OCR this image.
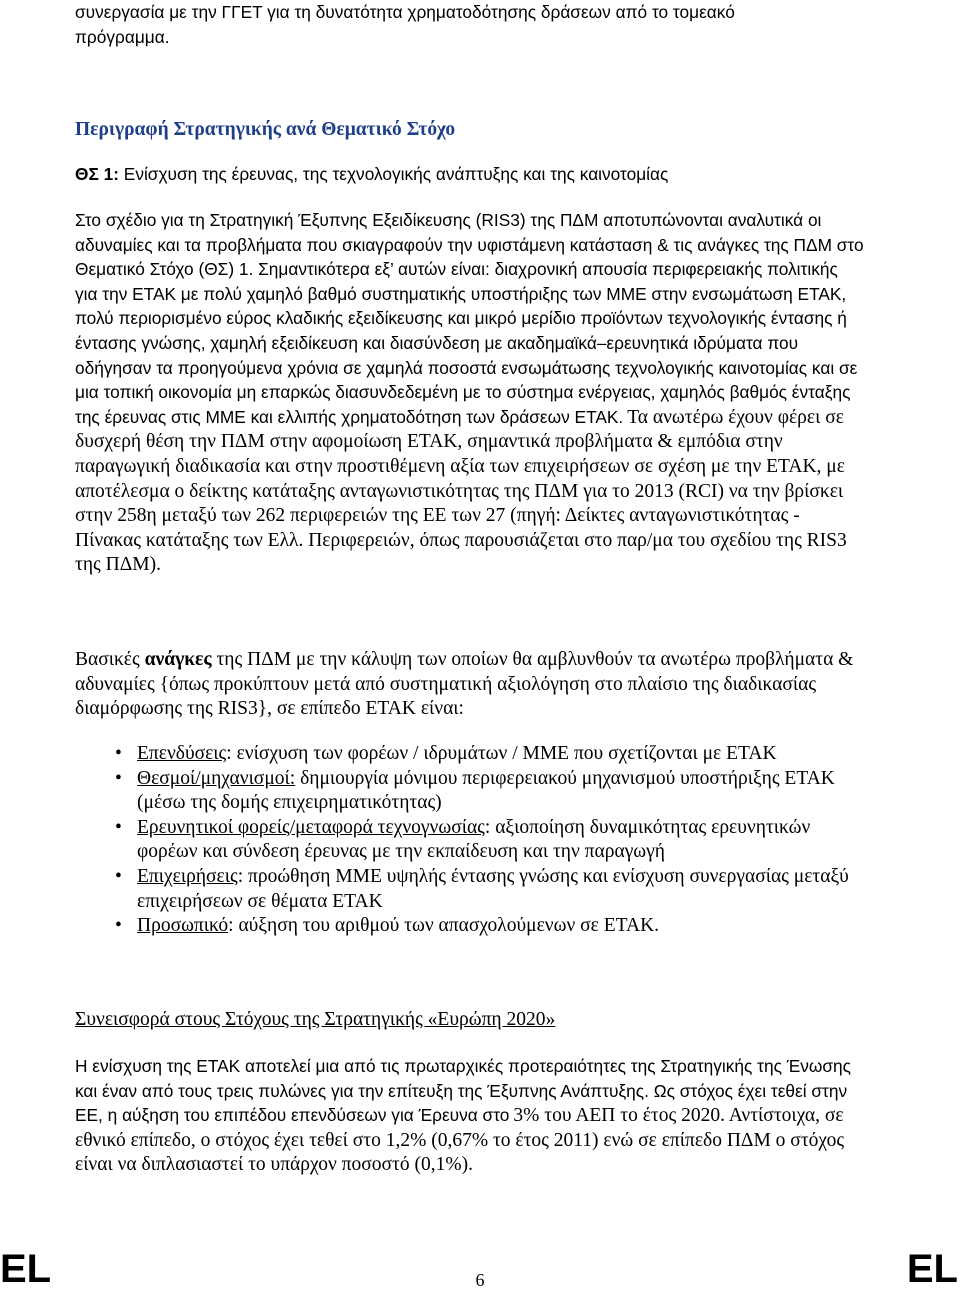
συνεργασία με την ΓΓΕΤ για τη δυνατότητα χρηματοδότησης δράσεων από το τομεακό

πρόγραμμα.

Περιγραφή Στρατηγικής ανά Θεματικό Στόχο
ΘΣ 1: Ενίσχυση της έρευνας, της τεχνολογικής ανάπτυξης και της καινοτομίας
Στο σχέδιο για τη Στρατηγική Έξυπνης Εξειδίκευσης (RIS3) της ΠΔΜ αποτυπώνονται αναλυτικά οι αδυναμίες και τα προβλήματα που σκιαγραφούν την υφιστάμενη κατάσταση & τις ανάγκες της ΠΔΜ στο Θεματικό Στόχο (ΘΣ) 1. Σημαντικότερα εξ’ αυτών είναι: διαχρονική απουσία περιφερειακής πολιτικής για την ΕΤΑΚ με πολύ χαμηλό βαθμό συστηματικής υποστήριξης των ΜΜΕ στην ενσωμάτωση ΕΤΑΚ, πολύ περιορισμένο εύρος κλαδικής εξειδίκευσης και μικρό μερίδιο προϊόντων τεχνολογικής έντασης ή έντασης γνώσης, χαμηλή εξειδίκευση και διασύνδεση με ακαδημαϊκά–ερευνητικά ιδρύματα που οδήγησαν τα προηγούμενα χρόνια σε χαμηλά ποσοστά ενσωμάτωσης τεχνολογικής καινοτομίας και σε μια τοπική οικονομία μη επαρκώς διασυνδεδεμένη με το σύστημα ενέργειας, χαμηλός βαθμός ένταξης της έρευνας στις ΜΜΕ και ελλιπής χρηματοδότηση των δράσεων ΕΤΑΚ. Τα ανωτέρω έχουν φέρει σε δυσχερή θέση την ΠΔΜ στην αφομοίωση ΕΤΑΚ, σημαντικά προβλήματα & εμπόδια στην παραγωγική διαδικασία και στην προστιθέμενη αξία των επιχειρήσεων σε σχέση με την ΕΤΑΚ, με αποτέλεσμα ο δείκτης κατάταξης ανταγωνιστικότητας της ΠΔΜ για το 2013 (RCI) να την βρίσκει στην 258η μεταξύ των 262 περιφερειών της ΕΕ των 27 (πηγή: Δείκτες ανταγωνιστικότητας - Πίνακας κατάταξης των Ελλ. Περιφερειών, όπως παρουσιάζεται στο παρ/μα του σχεδίου της RIS3 της ΠΔΜ).
Βασικές ανάγκες της ΠΔΜ με την κάλυψη των οποίων θα αμβλυνθούν τα ανωτέρω προβλήματα & αδυναμίες {όπως προκύπτουν μετά από συστηματική αξιολόγηση στο πλαίσιο της διαδικασίας διαμόρφωσης της RIS3}, σε επίπεδο ΕΤΑΚ είναι:
• Επενδύσεις: ενίσχυση των φορέων / ιδρυμάτων / ΜΜΕ που σχετίζονται με ΕΤΑΚ
• Θεσμοί/μηχανισμοί: δημιουργία μόνιμου περιφερειακού μηχανισμού υποστήριξης ΕΤΑΚ (μέσω της δομής επιχειρηματικότητας)
• Ερευνητικοί φορείς/μεταφορά τεχνογνωσίας: αξιοποίηση δυναμικότητας ερευνητικών φορέων και σύνδεση έρευνας με την εκπαίδευση και την παραγωγή
• Επιχειρήσεις: προώθηση ΜΜΕ υψηλής έντασης γνώσης και ενίσχυση συνεργασίας μεταξύ επιχειρήσεων σε θέματα ΕΤΑΚ
• Προσωπικό: αύξηση του αριθμού των απασχολούμενων σε ΕΤΑΚ.
Συνεισφορά στους Στόχους της Στρατηγικής «Ευρώπη 2020»
Η ενίσχυση της ΕΤΑΚ αποτελεί μια από τις πρωταρχικές προτεραιότητες της Στρατηγικής της Ένωσης και έναν από τους τρεις πυλώνες για την επίτευξη της Έξυπνης Ανάπτυξης. Ως στόχος έχει τεθεί στην ΕΕ, η αύξηση του επιπέδου επενδύσεων για Έρευνα στο 3% του ΑΕΠ το έτος 2020. Αντίστοιχα, σε εθνικό επίπεδο, ο στόχος έχει τεθεί στο 1,2% (0,67% το έτος 2011) ενώ σε επίπεδο ΠΔΜ ο στόχος είναι να διπλασιαστεί το υπάρχον ποσοστό (0,1%).
EL	6	EL
